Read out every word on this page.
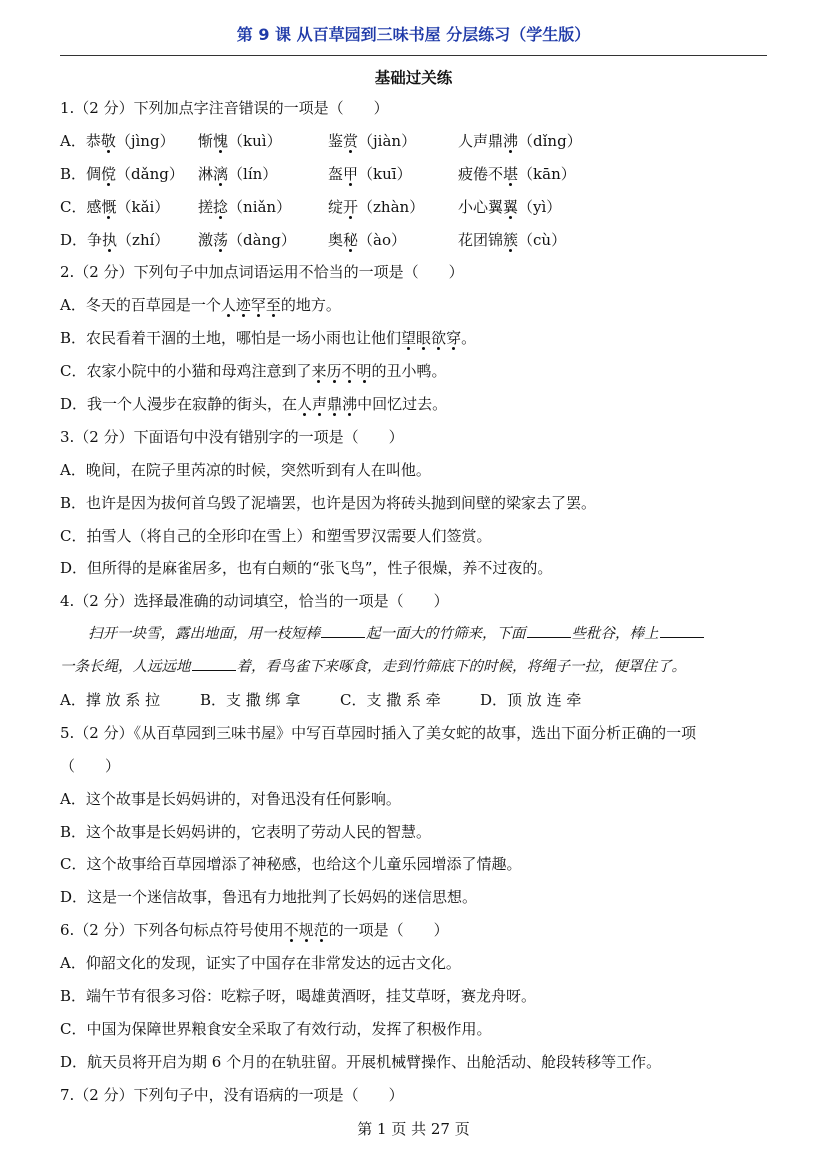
第 9 课 从百草园到三味书屋 分层练习（学生版）
基础过关练
1.（2 分）下列加点字注音错误的一项是（　　）
A．恭敬（jìng） 惭愧（kuì）	鉴赏（jiàn）	人声鼎沸（dǐng）
B．倜傥（dǎng） 淋漓（lín）	盔甲（kuī）	疲倦不堪（kān）
C．感慨（kǎi） 搓捻（niǎn） 绽开（zhàn） 小心翼翼（yì）
D．争执（zhí） 激荡（dàng） 奥秘（ào）	花团锦簇（cù）
2.（2 分）下列句子中加点词语运用不恰当的一项是（　　）
A．冬天的百草园是一个人迹罕至的地方。
B．农民看着干涸的土地，哪怕是一场小雨也让他们望眼欲穿。
C．农家小院中的小猫和母鸡注意到了来历不明的丑小鸭。
D．我一个人漫步在寂静的街头，在人声鼎沸中回忆过去。
3.（2 分）下面语句中没有错别字的一项是（　　）
A．晚间，在院子里芮凉的时候，突然听到有人在叫他。
B．也许是因为拔何首乌毁了泥墙罢，也许是因为将砖头抛到间壁的梁家去了罢。
C．拍雪人（将自己的全形印在雪上）和塑雪罗汉需要人们签赏。
D．但所得的是麻雀居多，也有白颊的“张飞鸟”，性子很燥，养不过夜的。
4.（2 分）选择最准确的动词填空，恰当的一项是（　　）
扫开一块雪，露出地面，用一枝短棒	起一面大的竹筛来，下面	些秕谷，棒上
一条长绳，人远远地	着，看鸟雀下来啄食，走到竹筛底下的时候，将绳子一拉，便罩住了。
A．撑 放 系 拉	B．支 撒 绑 拿	C．支 撒 系 牵	D．顶 放 连 牵
5.（2 分）《从百草园到三味书屋》中写百草园时插入了美女蛇的故事，选出下面分析正确的一项
（　　）
A．这个故事是长妈妈讲的，对鲁迅没有任何影响。
B．这个故事是长妈妈讲的，它表明了劳动人民的智慧。
C．这个故事给百草园增添了神秘感，也给这个儿童乐园增添了情趣。
D．这是一个迷信故事，鲁迅有力地批判了长妈妈的迷信思想。
6.（2 分）下列各句标点符号使用不规范的一项是（　　）
A．仰韶文化的发现，证实了中国存在非常发达的远古文化。
B．端午节有很多习俗：吃粽子呀，喝雄黄酒呀，挂艾草呀，赛龙舟呀。
C．中国为保障世界粮食安全采取了有效行动，发挥了积极作用。
D．航天员将开启为期 6 个月的在轨驻留。开展机械臂操作、出舱活动、舱段转移等工作。
7.（2 分）下列句子中，没有语病的一项是（　　）
第 1 页 共 27 页
